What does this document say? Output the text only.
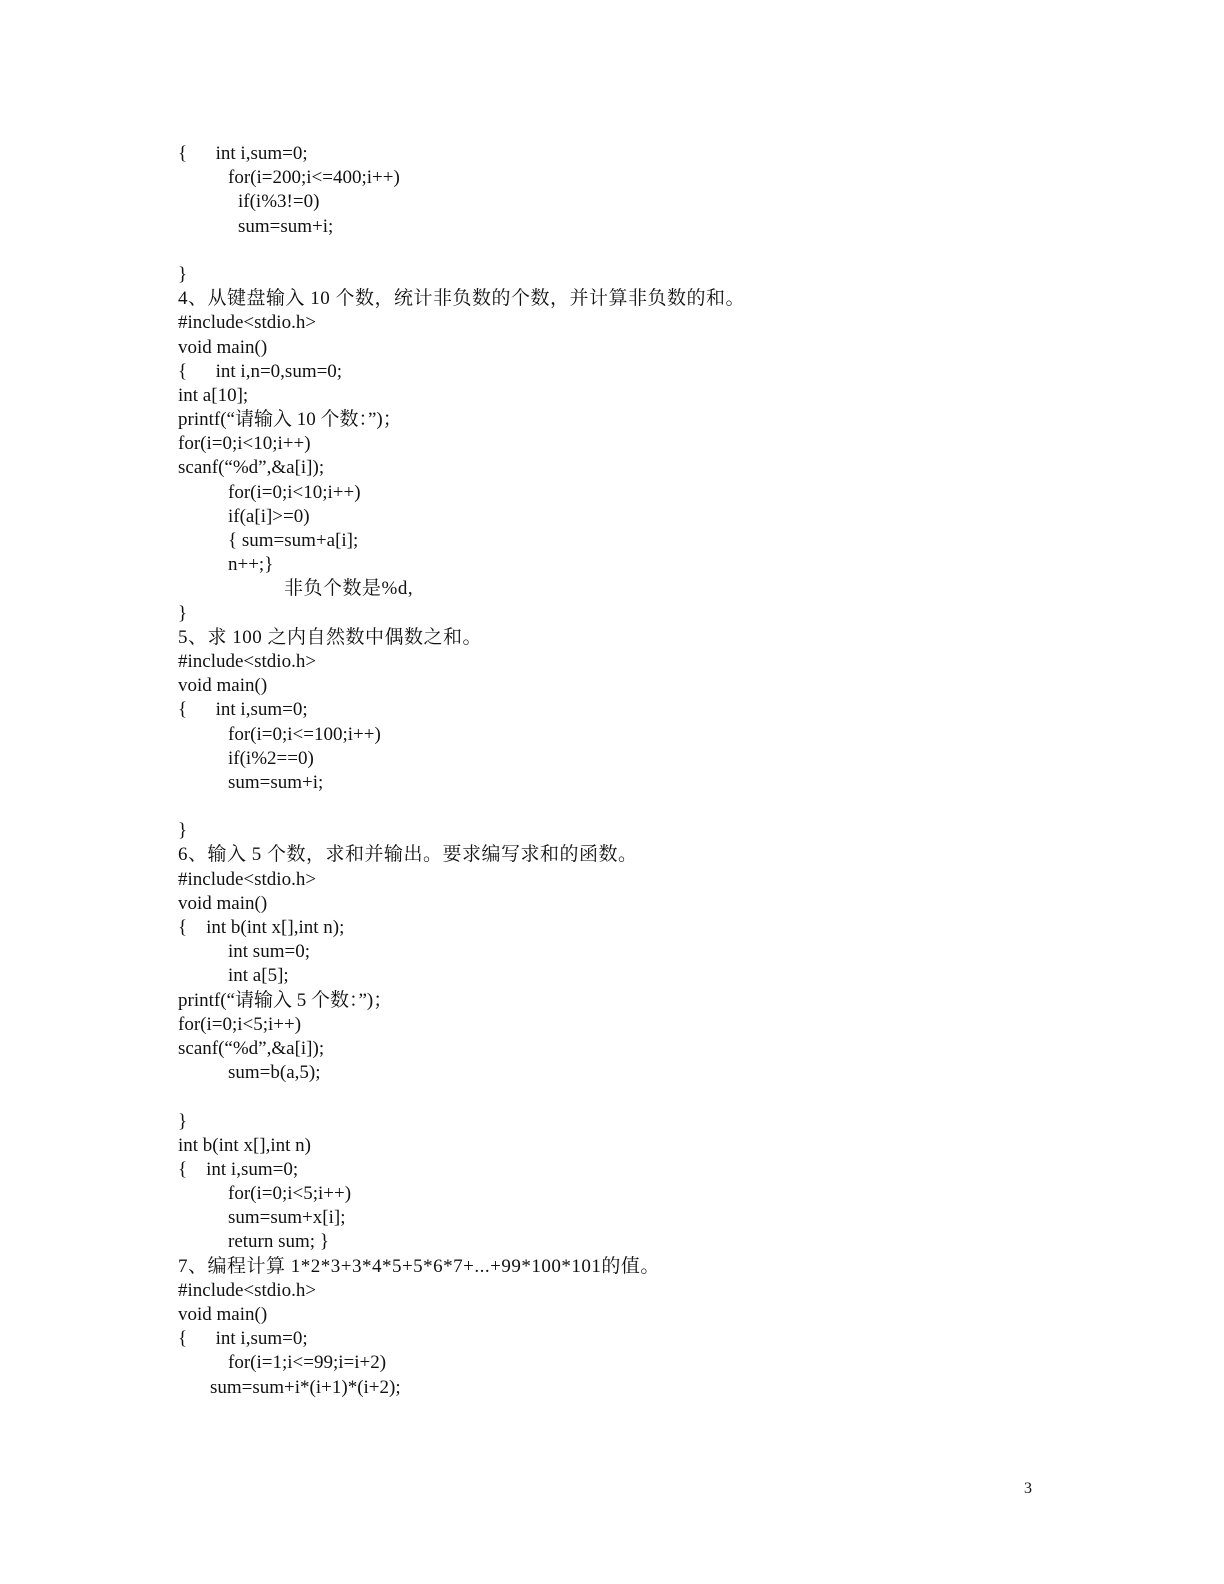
{      int i,sum=0;
for(i=200;i<=400;i++)
if(i%3!=0)
sum=sum+i;
}
4、从键盘输入 10 个数，统计非负数的个数，并计算非负数的和。
#include<stdio.h>
void main()
{      int i,n=0,sum=0;
int a[10];
printf(“请输入 10 个数：”)；
for(i=0;i<10;i++)
scanf(“%d”,&a[i]);
for(i=0;i<10;i++)
if(a[i]>=0)
{ sum=sum+a[i];
n++;}
非负个数是%d,
}
5、求 100 之内自然数中偶数之和。
#include<stdio.h>
void main()
{      int i,sum=0;
for(i=0;i<=100;i++)
if(i%2==0)
sum=sum+i;
}
6、输入 5 个数，求和并输出。要求编写求和的函数。
#include<stdio.h>
void main()
{    int b(int x[],int n);
int sum=0;
int a[5];
printf(“请输入 5 个数：”)；
for(i=0;i<5;i++)
scanf(“%d”,&a[i]);
sum=b(a,5);
}
int b(int x[],int n)
{    int i,sum=0;
for(i=0;i<5;i++)
sum=sum+x[i];
return sum; }
7、编程计算 1*2*3+3*4*5+5*6*7+...+99*100*101的值。
#include<stdio.h>
void main()
{      int i,sum=0;
for(i=1;i<=99;i=i+2)
sum=sum+i*(i+1)*(i+2);
3
